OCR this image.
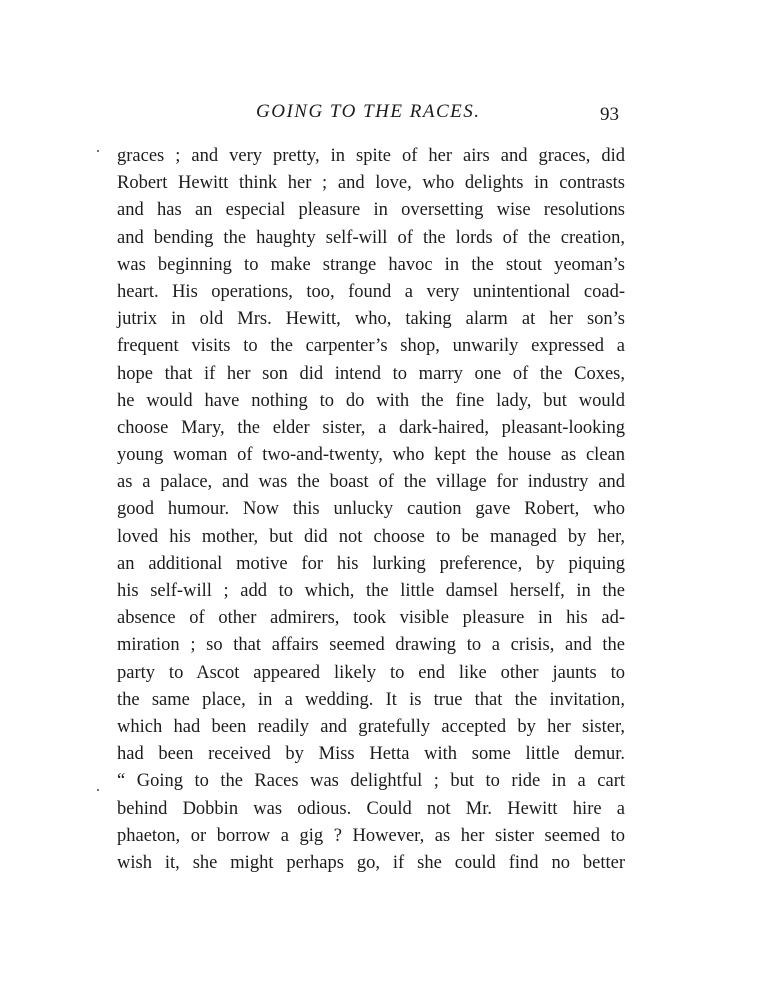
GOING TO THE RACES.	93
graces ; and very pretty, in spite of her airs and graces, did
Robert Hewitt think her ; and love, who delights in contrasts
and has an especial pleasure in oversetting wise resolutions
and bending the haughty self-will of the lords of the creation,
was beginning to make strange havoc in the stout yeoman’s
heart. His operations, too, found a very unintentional coad-
jutrix in old Mrs. Hewitt, who, taking alarm at her son’s
frequent visits to the carpenter’s shop, unwarily expressed a
hope that if her son did intend to marry one of the Coxes,
he would have nothing to do with the fine lady, but would
choose Mary, the elder sister, a dark-haired, pleasant-looking
young woman of two-and-twenty, who kept the house as clean
as a palace, and was the boast of the village for industry and
good humour. Now this unlucky caution gave Robert, who
loved his mother, but did not choose to be managed by her,
an additional motive for his lurking preference, by piquing
his self-will ; add to which, the little damsel herself, in the
absence of other admirers, took visible pleasure in his ad-
miration ; so that affairs seemed drawing to a crisis, and the
party to Ascot appeared likely to end like other jaunts to
the same place, in a wedding. It is true that the invitation,
which had been readily and gratefully accepted by her sister,
had been received by Miss Hetta with some little demur.
“ Going to the Races was delightful ; but to ride in a cart
behind Dobbin was odious. Could not Mr. Hewitt hire a
phaeton, or borrow a gig ? However, as her sister seemed to
wish it, she might perhaps go, if she could find no better
